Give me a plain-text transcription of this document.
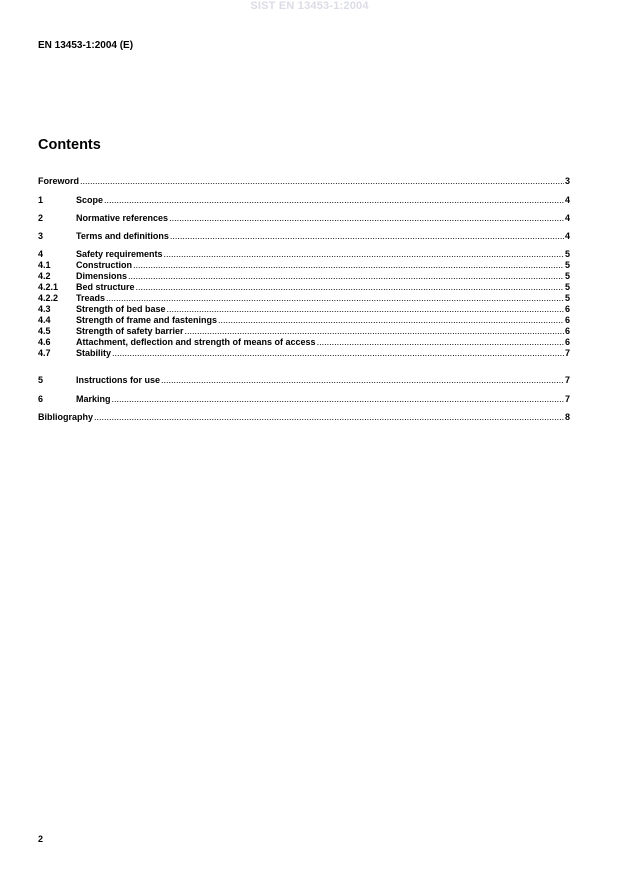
SIST EN 13453-1:2004
EN 13453-1:2004 (E)
Contents
Foreword .....	3
1	Scope .....	4
2	Normative references .....	4
3	Terms and definitions .....	4
4	Safety requirements .....	5
4.1	Construction .....	5
4.2	Dimensions .....	5
4.2.1	Bed structure .....	5
4.2.2	Treads .....	5
4.3	Strength of bed base .....	6
4.4	Strength of frame and fastenings .....	6
4.5	Strength of safety barrier .....	6
4.6	Attachment, deflection and strength of means of access .....	6
4.7	Stability .....	7
5	Instructions for use .....	7
6	Marking .....	7
Bibliography .....	8
2
